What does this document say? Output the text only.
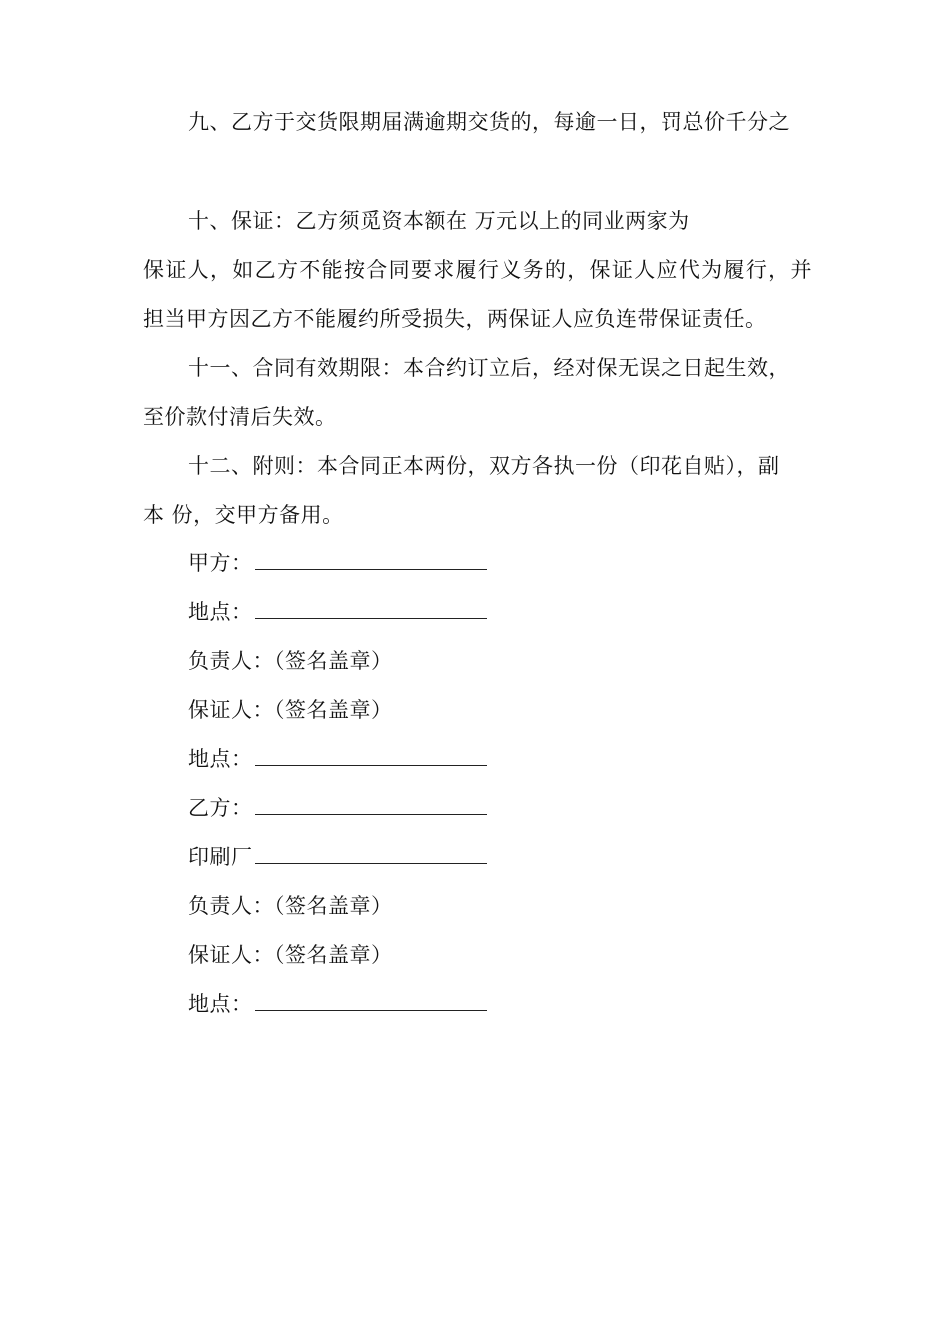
九、乙方于交货限期届满逾期交货的，每逾一日，罚总价千分之
十、保证：乙方须觅资本额在 万元以上的同业两家为
保证人，如乙方不能按合同要求履行义务的，保证人应代为履行，并
担当甲方因乙方不能履约所受损失，两保证人应负连带保证责任。
十一、合同有效期限：本合约订立后，经对保无误之日起生效，
至价款付清后失效。
十二、附则：本合同正本两份，双方各执一份（印花自贴），副
本 份，交甲方备用。
甲方：
地点：
负责人：（签名盖章）
保证人：（签名盖章）
地点：
乙方：
印刷厂
负责人：（签名盖章）
保证人：（签名盖章）
地点：
